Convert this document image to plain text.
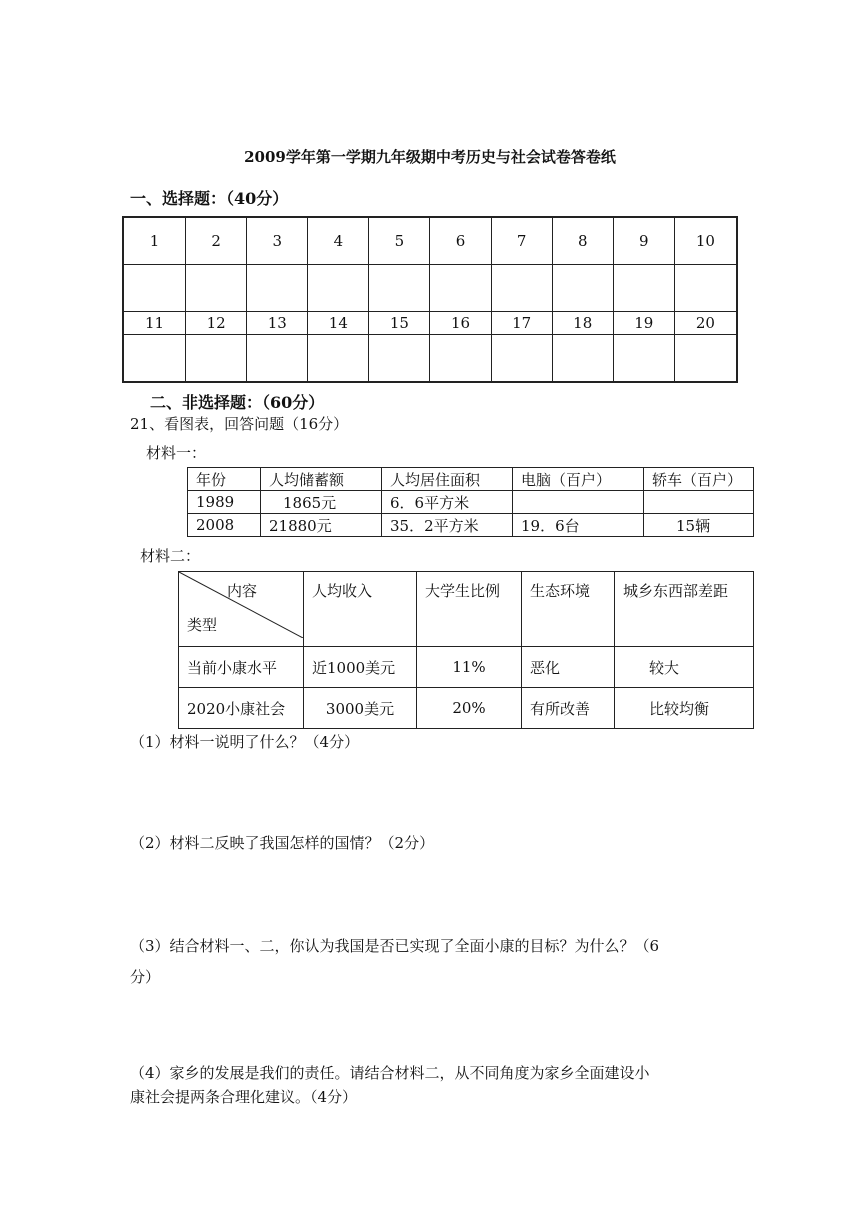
2009学年第一学期九年级期中考历史与社会试卷答卷纸
一、选择题：（40分）
1	2	3	4	5	6	7	8	9	10

11	12	13	14	15	16	17	18	19	20

二、非选择题：（60分）
21、看图表，回答问题（16分）
材料一：
年份	人均储蓄额	人均居住面积	电脑（百户）	轿车（百户）
1989	1865元	6．6平方米		
2008	21880元	35．2平方米	19．6台	15辆
材料二：
内容
类型	人均收入	大学生比例	生态环境	城乡东西部差距
当前小康水平	近1000美元	11%	恶化	较大
2020小康社会	3000美元	20%	有所改善	比较均衡
（1）材料一说明了什么？（4分）
（2）材料二反映了我国怎样的国情？（2分）
（3）结合材料一、二，你认为我国是否已实现了全面小康的目标？为什么？（6
分）
（4）家乡的发展是我们的责任。请结合材料二，从不同角度为家乡全面建设小
康社会提两条合理化建议。（4分）
